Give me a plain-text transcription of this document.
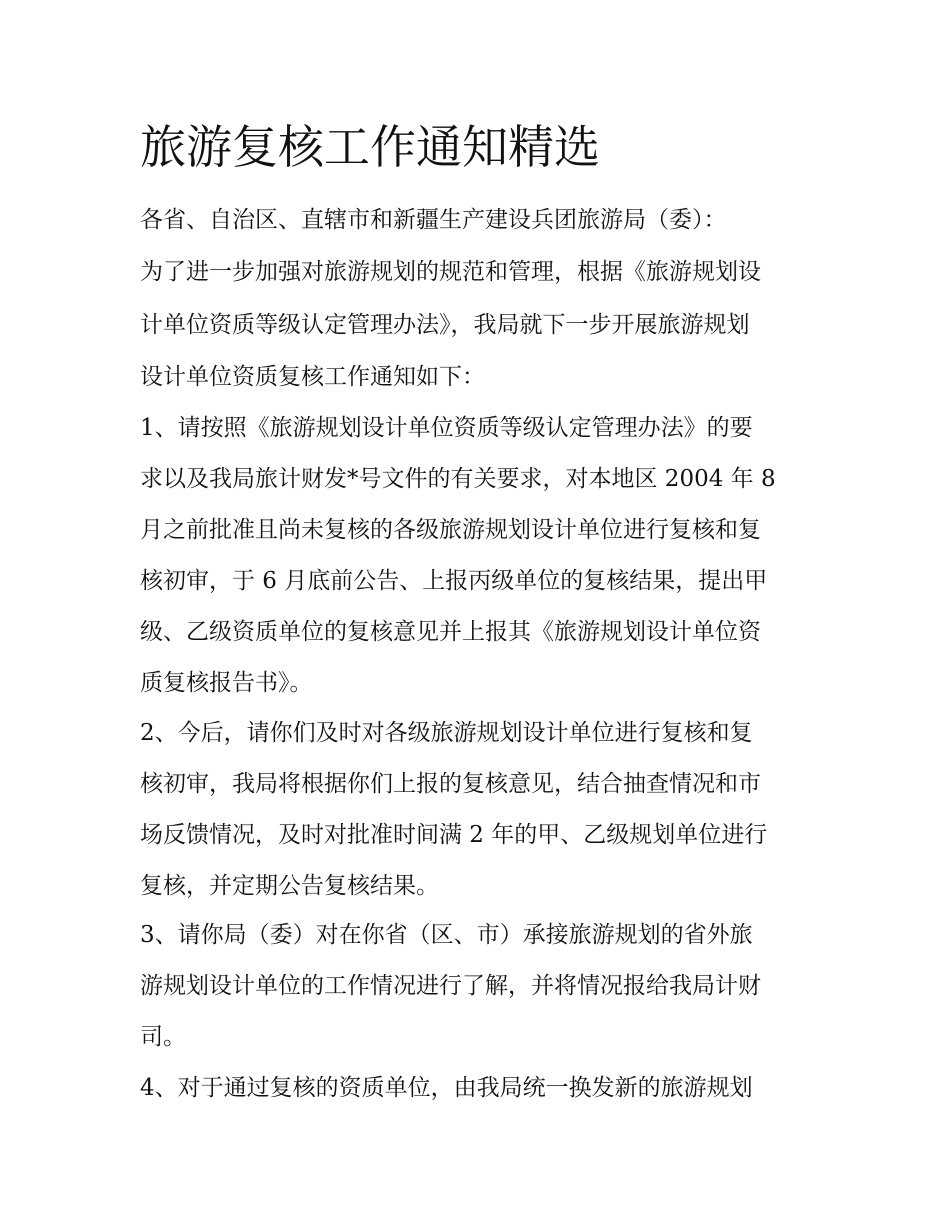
旅游复核工作通知精选

各省、自治区、直辖市和新疆生产建设兵团旅游局（委）：

为了进一步加强对旅游规划的规范和管理，根据《旅游规划设

计单位资质等级认定管理办法》，我局就下一步开展旅游规划

设计单位资质复核工作通知如下：

1、请按照《旅游规划设计单位资质等级认定管理办法》的要

求以及我局旅计财发*号文件的有关要求，对本地区 2004 年 8

月之前批准且尚未复核的各级旅游规划设计单位进行复核和复

核初审，于 6 月底前公告、上报丙级单位的复核结果，提出甲

级、乙级资质单位的复核意见并上报其《旅游规划设计单位资

质复核报告书》。

2、今后，请你们及时对各级旅游规划设计单位进行复核和复

核初审，我局将根据你们上报的复核意见，结合抽查情况和市

场反馈情况，及时对批准时间满 2 年的甲、乙级规划单位进行

复核，并定期公告复核结果。

3、请你局（委）对在你省（区、市）承接旅游规划的省外旅

游规划设计单位的工作情况进行了解，并将情况报给我局计财

司。

4、对于通过复核的资质单位，由我局统一换发新的旅游规划
